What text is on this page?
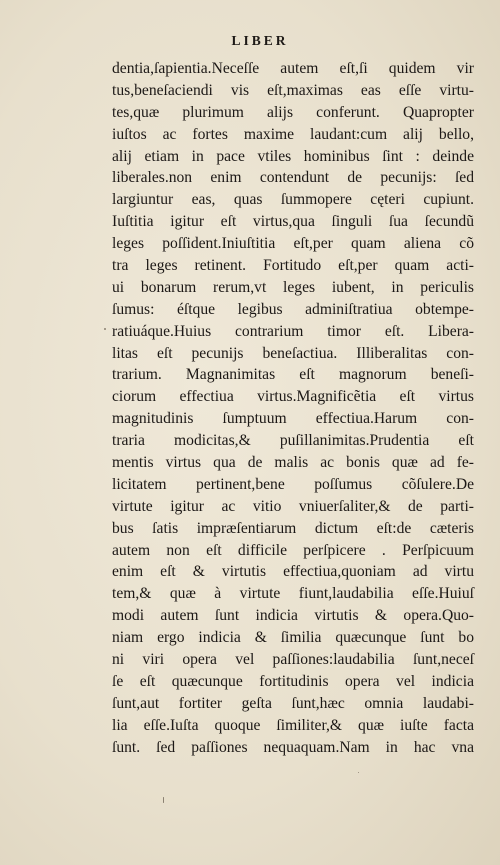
LIBER
dentia,ſapientia.Neceſſe autem eſt,ſi quidem vir
tus,beneſaciendi vis eſt,maximas eas eſſe virtu-
tes,quæ plurimum alijs conferunt. Quapropter
iuſtos ac fortes maxime laudant:cum alij bello,
alij etiam in pace vtiles hominibus ſint : deinde
liberales.non enim contendunt de pecunijs: ſed
largiuntur eas, quas ſummopere cęteri cupiunt.
Iuſtitia igitur eſt virtus,qua ſinguli ſua ſecundũ
leges poſſident.Iniuſtitia eſt,per quam aliena cõ
tra leges retinent. Fortitudo eſt,per quam acti-
ui bonarum rerum,vt leges iubent, in periculis
ſumus: éſtque legibus adminiſtratiua obtempe-
ratiuáque.Huius contrarium timor eſt. Libera-
litas eſt pecunijs beneſactiua. Illiberalitas con-
trarium. Magnanimitas eſt magnorum beneſi-
ciorum effectiua virtus.Magnificẽtia eſt virtus
magnitudinis ſumptuum effectiua.Harum con-
traria modicitas,& puſillanimitas.Prudentia eſt
mentis virtus qua de malis ac bonis quæ ad fe-
licitatem pertinent,bene poſſumus cõſulere.De
virtute igitur ac vitio vniuerſaliter,& de parti-
bus ſatis impræſentiarum dictum eſt:de cæteris
autem non eſt difficile perſpicere . Perſpicuum
enim eſt & virtutis effectiua,quoniam ad virtu
tem,& quæ à virtute fiunt,laudabilia eſſe.Huiuſ
modi autem ſunt indicia virtutis & opera.Quo-
niam ergo indicia & ſimilia quæcunque ſunt bo
ni viri opera vel paſſiones:laudabilia ſunt,neceſ
ſe eſt quæcunque fortitudinis opera vel indicia
ſunt,aut fortiter geſta ſunt,hæc omnia laudabi-
lia eſſe.Iuſta quoque ſimiliter,& quæ iuſte facta
ſunt. ſed paſſiones nequaquam.Nam in hac vna
